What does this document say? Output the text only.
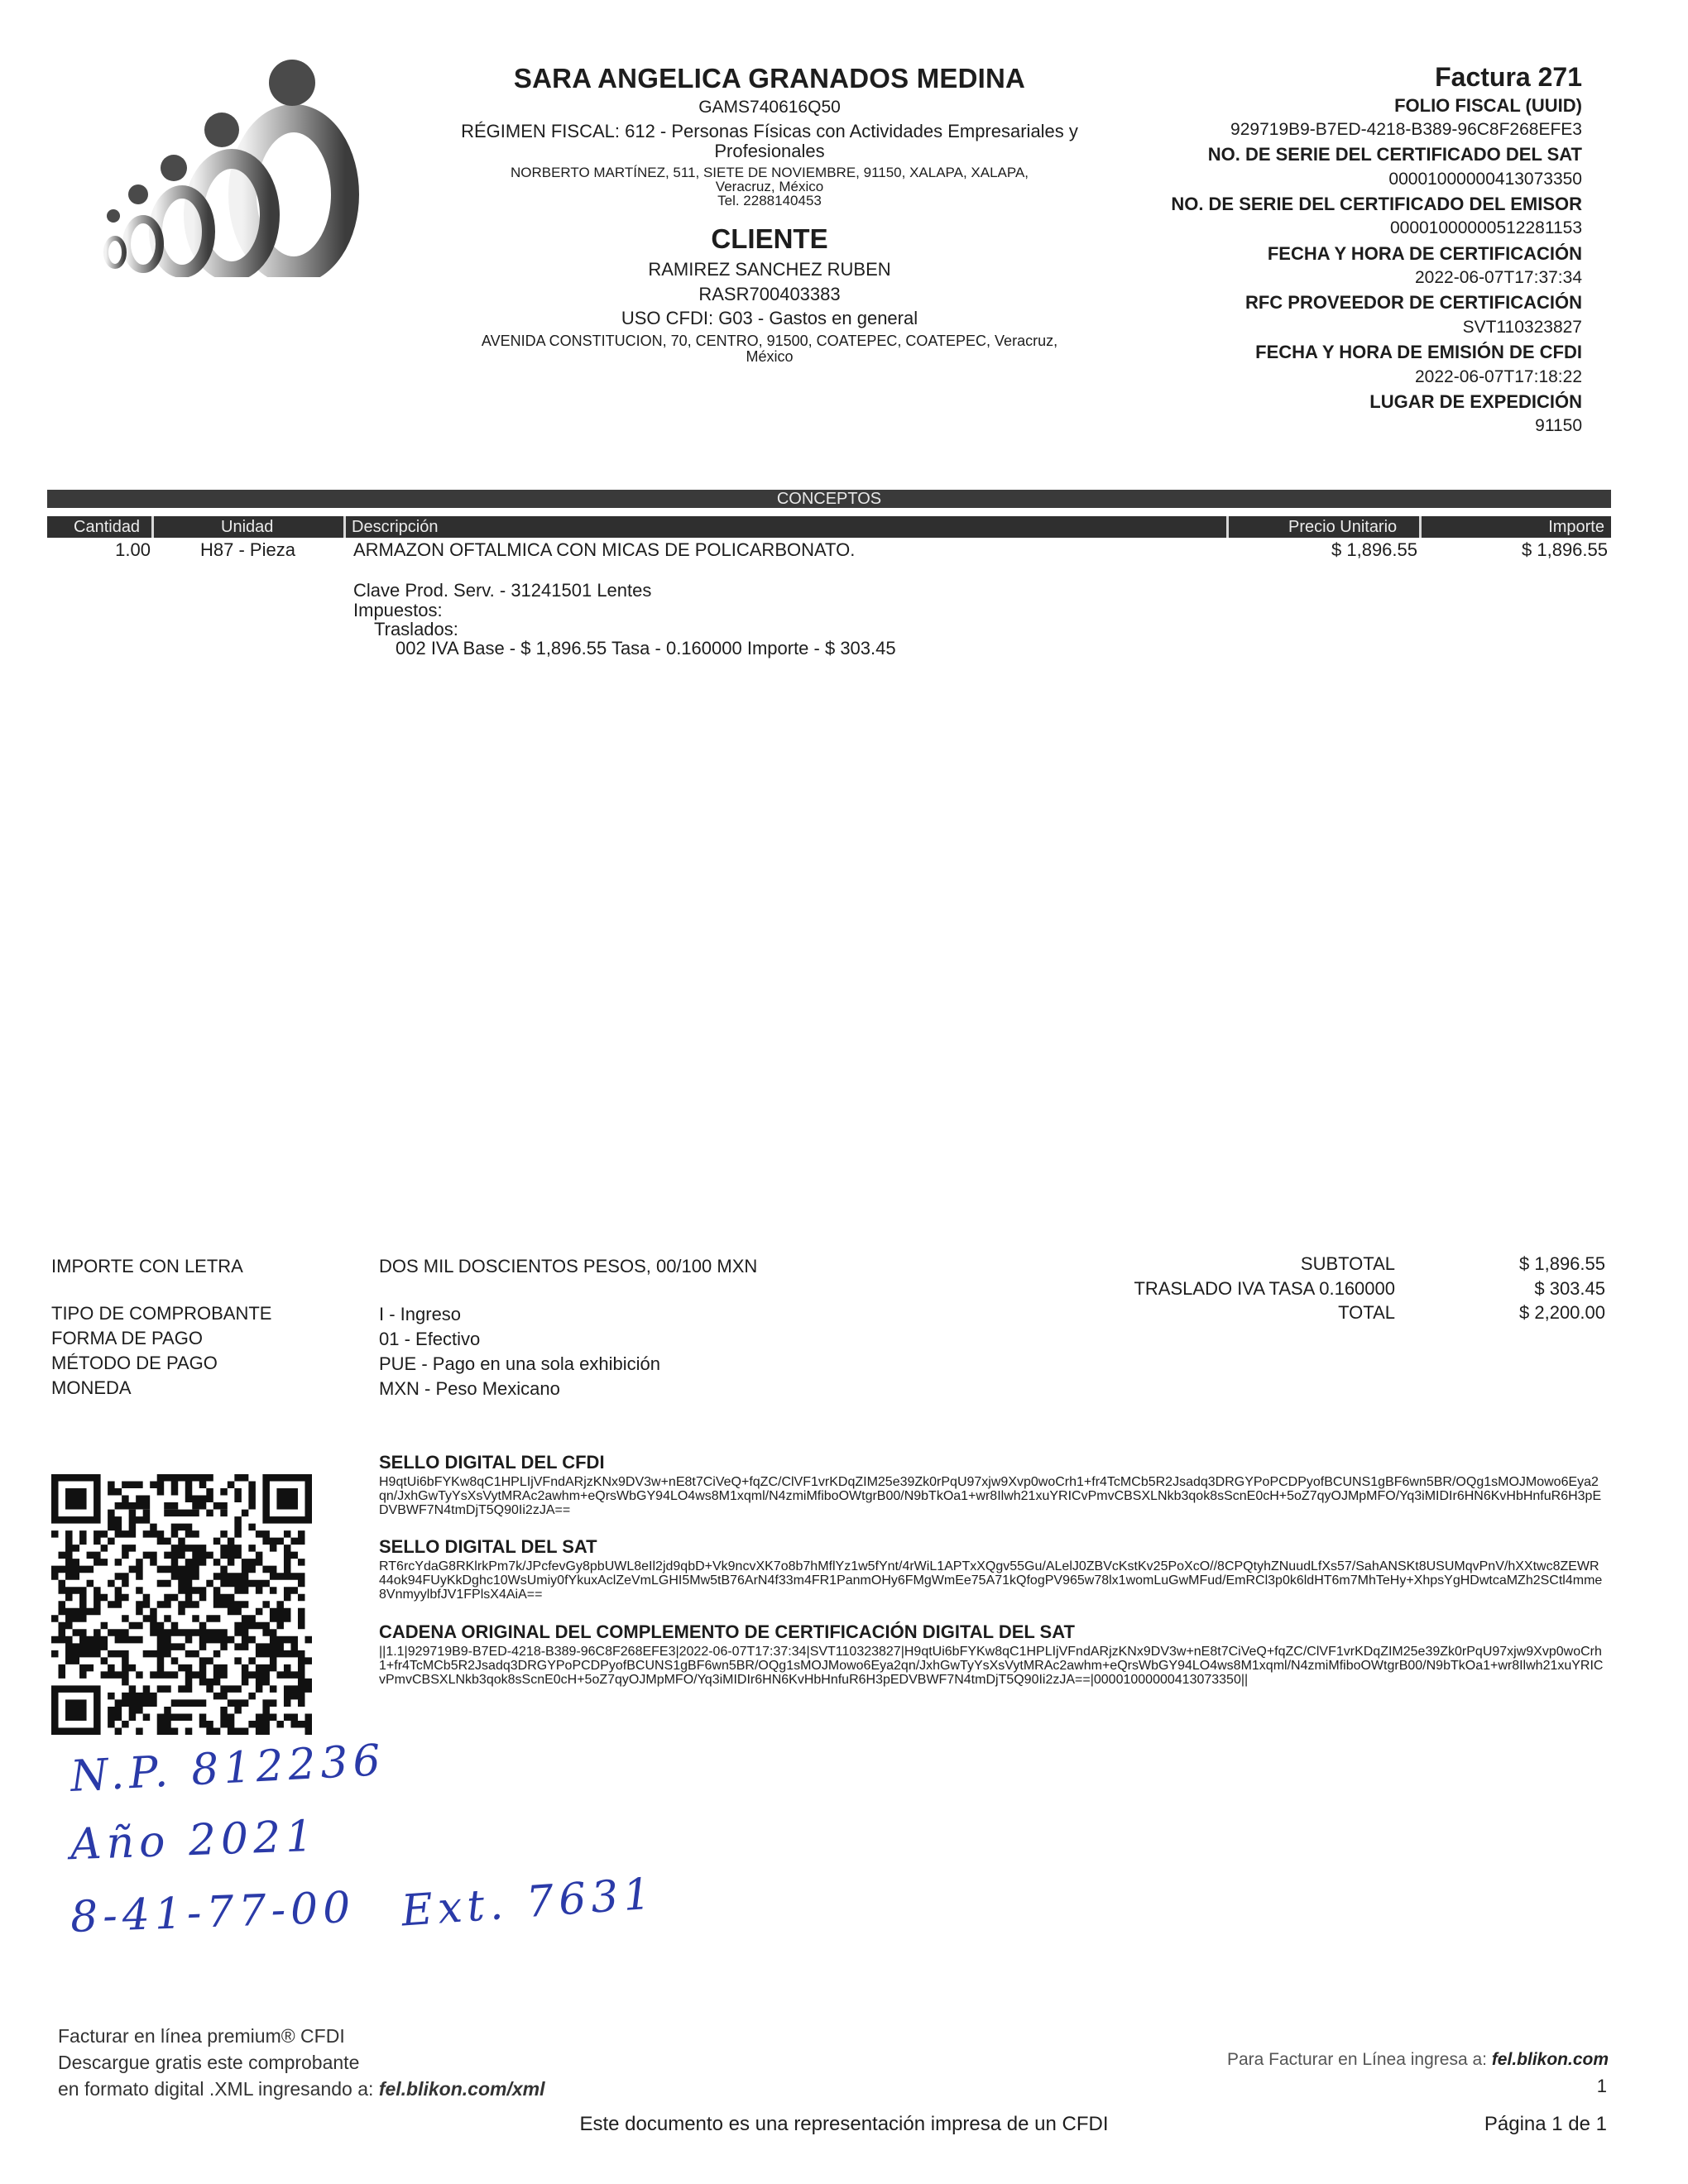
SARA ANGELICA GRANADOS MEDINA
GAMS740616Q50
RÉGIMEN FISCAL: 612 - Personas Físicas con Actividades Empresariales y
Profesionales
NORBERTO MARTÍNEZ, 511, SIETE DE NOVIEMBRE, 91150, XALAPA, XALAPA,
Veracruz, México
Tel. 2288140453
CLIENTE
RAMIREZ SANCHEZ RUBEN
RASR700403383
USO CFDI: G03 - Gastos en general
AVENIDA CONSTITUCION, 70, CENTRO, 91500, COATEPEC, COATEPEC, Veracruz,
México
Factura 271
FOLIO FISCAL (UUID)
929719B9-B7ED-4218-B389-96C8F268EFE3
NO. DE SERIE DEL CERTIFICADO DEL SAT
00001000000413073350
NO. DE SERIE DEL CERTIFICADO DEL EMISOR
00001000000512281153
FECHA Y HORA DE CERTIFICACIÓN
2022-06-07T17:37:34
RFC PROVEEDOR DE CERTIFICACIÓN
SVT110323827
FECHA Y HORA DE EMISIÓN DE CFDI
2022-06-07T17:18:22
LUGAR DE EXPEDICIÓN
91150
CONCEPTOS
Cantidad	Unidad	Descripción	Precio Unitario	Importe
1.00	H87 - Pieza	ARMAZON OFTALMICA CON MICAS DE POLICARBONATO.	$ 1,896.55	$ 1,896.55
Clave Prod. Serv. - 31241501 Lentes
Impuestos:
Traslados:
002 IVA Base - $ 1,896.55 Tasa - 0.160000 Importe - $ 303.45
IMPORTE CON LETRA	DOS MIL DOSCIENTOS PESOS, 00/100 MXN
TIPO DE COMPROBANTE	I - Ingreso
FORMA DE PAGO	01 - Efectivo
MÉTODO DE PAGO	PUE - Pago en una sola exhibición
MONEDA	MXN - Peso Mexicano
SUBTOTAL	$ 1,896.55
TRASLADO IVA TASA 0.160000	$ 303.45
TOTAL	$ 2,200.00
SELLO DIGITAL DEL CFDI
H9qtUi6bFYKw8qC1HPLIjVFndARjzKNx9DV3w+nE8t7CiVeQ+fqZC/ClVF1vrKDqZIM25e39Zk0rPqU97xjw9Xvp0woCrh1+fr4TcMCb5R2Jsadq3DRGYPoPCDPyofBCUNS1gBF6wn5BR/OQg1sMOJMowo6Eya2qn/JxhGwTyYsXsVytMRAc2awhm+eQrsWbGY94LO4ws8M1xqml/N4zmiMfiboOWtgrB00/N9bTkOa1+wr8Ilwh21xuYRICvPmvCBSXLNkb3qok8sScnE0cH+5oZ7qyOJMpMFO/Yq3iMIDIr6HN6KvHbHnfuR6H3pEDVBWF7N4tmDjT5Q90Ii2zJA==
SELLO DIGITAL DEL SAT
RT6rcYdaG8RKlrkPm7k/JPcfevGy8pbUWL8eIl2jd9qbD+Vk9ncvXK7o8b7hMflYz1w5fYnt/4rWiL1APTxXQgv55Gu/ALelJ0ZBVcKstKv25PoXcO//8CPQtyhZNuudLfXs57/SahANSKt8USUMqvPnV/hXXtwc8ZEWR44ok94FUyKkDghc10WsUmiy0fYkuxAclZeVmLGHI5Mw5tB76ArN4f33m4FR1PanmOHy6FMgWmEe75A71kQfogPV965w78lx1womLuGwMFud/EmRCl3p0k6ldHT6m7MhTeHy+XhpsYgHDwtcaMZh2SCtl4mme8VnmyylbfJV1FPlsX4AiA==
CADENA ORIGINAL DEL COMPLEMENTO DE CERTIFICACIÓN DIGITAL DEL SAT
||1.1|929719B9-B7ED-4218-B389-96C8F268EFE3|2022-06-07T17:37:34|SVT110323827|H9qtUi6bFYKw8qC1HPLIjVFndARjzKNx9DV3w+nE8t7CiVeQ+fqZC/ClVF1vrKDqZIM25e39Zk0rPqU97xjw9Xvp0woCrh1+fr4TcMCb5R2Jsadq3DRGYPoPCDPyofBCUNS1gBF6wn5BR/OQg1sMOJMowo6Eya2qn/JxhGwTyYsXsVytMRAc2awhm+eQrsWbGY94LO4ws8M1xqml/N4zmiMfiboOWtgrB00/N9bTkOa1+wr8Ilwh21xuYRICvPmvCBSXLNkb3qok8sScnE0cH+5oZ7qyOJMpMFO/Yq3iMIDIr6HN6KvHbHnfuR6H3pEDVBWF7N4tmDjT5Q90Ii2zJA==|00001000000413073350||
N.P. 812236
Año 2021
8-41-77-00 Ext. 7631
Facturar en línea premium® CFDI
Descargue gratis este comprobante
en formato digital .XML ingresando a: fel.blikon.com/xml
Para Facturar en Línea ingresa a: fel.blikon.com
1
Este documento es una representación impresa de un CFDI	Página 1 de 1
